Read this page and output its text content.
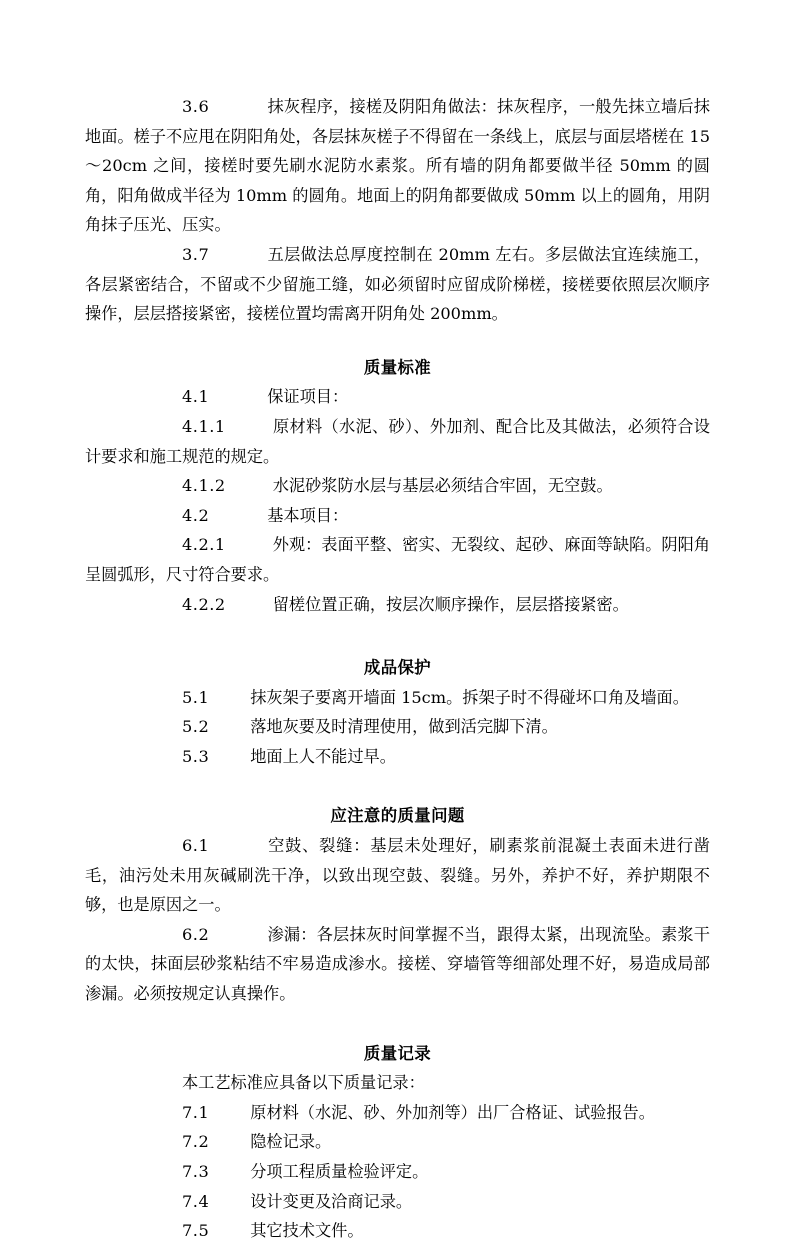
3.6	抹灰程序，接槎及阴阳角做法：抹灰程序，一般先抹立墙后抹地面。槎子不应甩在阴阳角处，各层抹灰槎子不得留在一条线上，底层与面层塔槎在 15～20cm 之间，接槎时要先刷水泥防水素浆。所有墙的阴角都要做半径 50mm 的圆角，阳角做成半径为 10mm 的圆角。地面上的阴角都要做成 50mm 以上的圆角，用阴角抹子压光、压实。

3.7	五层做法总厚度控制在 20mm 左右。多层做法宜连续施工，各层紧密结合，不留或不少留施工缝，如必须留时应留成阶梯槎，接槎要依照层次顺序操作，层层搭接紧密，接槎位置均需离开阴角处 200mm。

质量标准

4.1	保证项目：

4.1.1	原材料（水泥、砂）、外加剂、配合比及其做法，必须符合设计要求和施工规范的规定。

4.1.2	水泥砂浆防水层与基层必须结合牢固，无空鼓。

4.2	基本项目：

4.2.1	外观：表面平整、密实、无裂纹、起砂、麻面等缺陷。阴阳角呈圆弧形，尺寸符合要求。

4.2.2	留槎位置正确，按层次顺序操作，层层搭接紧密。

成品保护

5.1	抹灰架子要离开墙面 15cm。拆架子时不得碰坏口角及墙面。

5.2	落地灰要及时清理使用，做到活完脚下清。

5.3	地面上人不能过早。

应注意的质量问题

6.1	空鼓、裂缝：基层未处理好，刷素浆前混凝土表面未进行凿毛，油污处未用灰碱刷洗干净，以致出现空鼓、裂缝。另外，养护不好，养护期限不够，也是原因之一。

6.2	渗漏：各层抹灰时间掌握不当，跟得太紧，出现流坠。素浆干的太快，抹面层砂浆粘结不牢易造成渗水。接槎、穿墙管等细部处理不好，易造成局部渗漏。必须按规定认真操作。

质量记录

本工艺标准应具备以下质量记录：

7.1	原材料（水泥、砂、外加剂等）出厂合格证、试验报告。

7.2	隐检记录。

7.3	分项工程质量检验评定。

7.4	设计变更及洽商记录。

7.5	其它技术文件。
